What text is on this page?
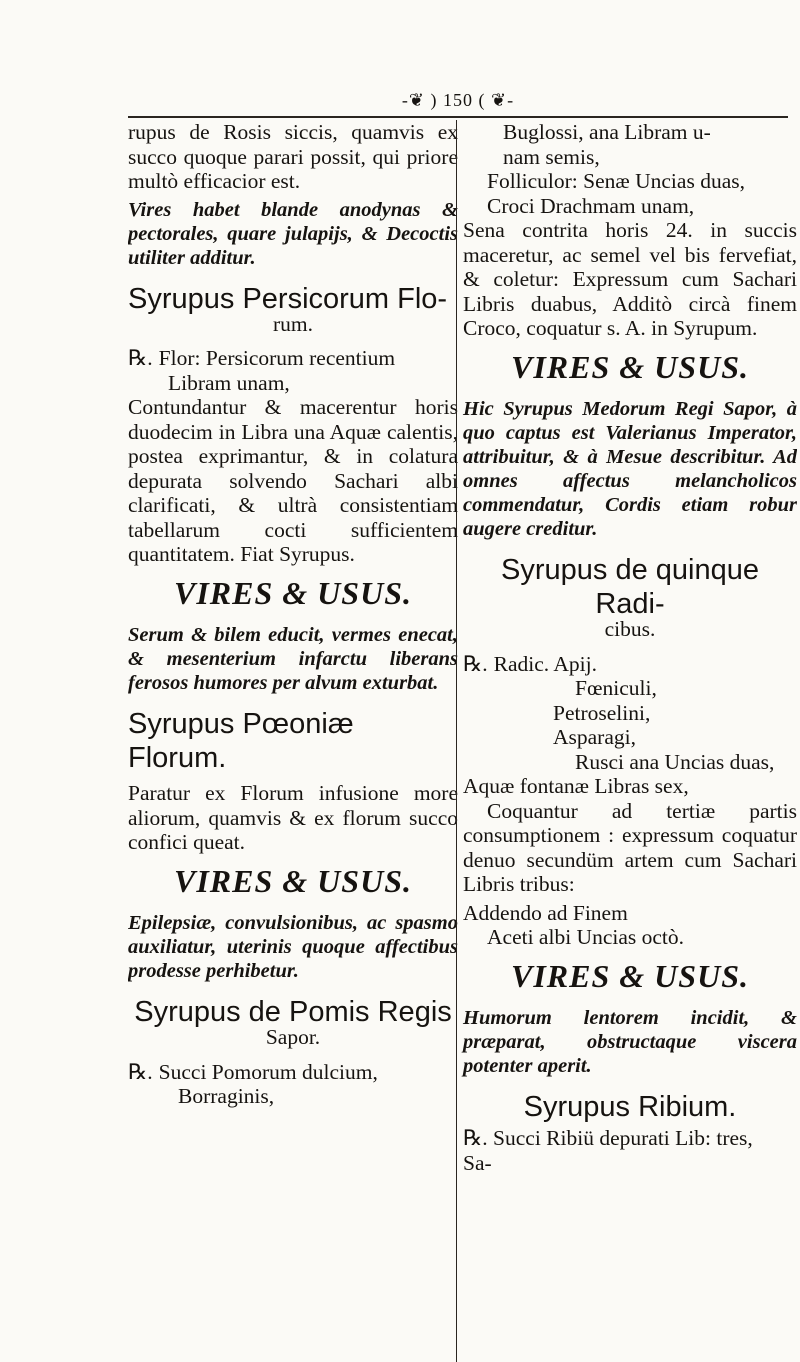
-❦ ) 150 ( ❦-

rupus de Rosis siccis, quamvis ex succo quoque parari possit, qui priore multò efficacior est.

Vires habet blande anodynas & pectorales, quare julapijs, & Decoctis utiliter additur.

Syrupus Persicorum Flo-
rum.

℞. Flor: Persicorum recentium

Libram unam,

Contundantur & macerentur horis duodecim in Libra una Aquæ calentis, postea exprimantur, & in colatura depurata solvendo Sachari albi clarificati, & ultrà consistentiam tabellarum cocti sufficientem quantitatem. Fiat Syrupus.

VIRES & USUS.

Serum & bilem educit, vermes enecat, & mesenterium infarctu liberans ferosos humores per alvum exturbat.

Syrupus Pœoniæ Florum.

Paratur ex Florum infusione more aliorum, quamvis & ex florum succo confici queat.

VIRES & USUS.

Epilepsiæ, convulsionibus, ac spasmo auxiliatur, uterinis quoque affectibus prodesse perhibetur.

Syrupus de Pomis Regis
Sapor.

℞. Succi Pomorum dulcium,

Borraginis,

Buglossi, ana Libram u-

nam semis,

Folliculor: Senæ Uncias duas,

Croci Drachmam unam,

Sena contrita horis 24. in succis maceretur, ac semel vel bis fervefiat, & coletur: Expressum cum Sachari Libris duabus, Additò circà finem Croco, coquatur s. A. in Syrupum.

VIRES & USUS.

Hic Syrupus Medorum Regi Sapor, à quo captus est Valerianus Imperator, attribuitur, & à Mesue describitur. Ad omnes affectus melancholicos commendatur, Cordis etiam robur augere creditur.

Syrupus de quinque Radi-
cibus.

℞. Radic. Apij.

Fœniculi,

Petroselini,

Asparagi,

Rusci ana Uncias duas,

Aquæ fontanæ Libras sex,

Coquantur ad tertiæ partis consumptionem : expressum coquatur denuo secundüm artem cum Sachari Libris tribus:

Addendo ad Finem

Aceti albi Uncias octò.

VIRES & USUS.

Humorum lentorem incidit, & præparat, obstructaque viscera potenter aperit.

Syrupus Ribium.

℞. Succi Ribiü depurati Lib: tres,

Sa-
